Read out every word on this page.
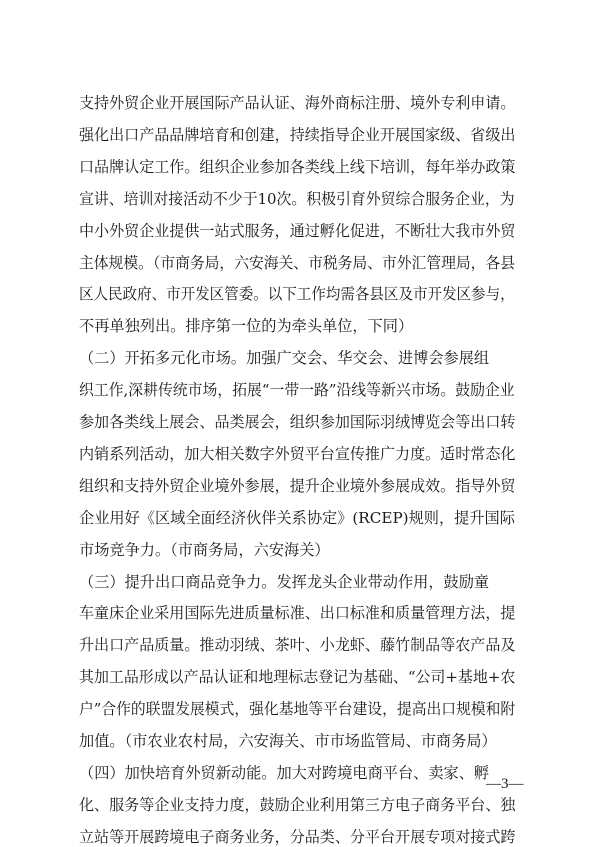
支持外贸企业开展国际产品认证、海外商标注册、境外专利申请。
强化出口产品品牌培育和创建，持续指导企业开展国家级、省级出
口品牌认定工作。组织企业参加各类线上线下培训，每年举办政策
宣讲、培训对接活动不少于10次。积极引育外贸综合服务企业，为
中小外贸企业提供一站式服务，通过孵化促进，不断壮大我市外贸
主体规模。（市商务局，六安海关、市税务局、市外汇管理局，各县
区人民政府、市开发区管委。以下工作均需各县区及市开发区参与，
不再单独列出。排序第一位的为牵头单位，下同）
（二）开拓多元化市场。加强广交会、华交会、进博会参展组
织工作,深耕传统市场，拓展“一带一路”沿线等新兴市场。鼓励企业
参加各类线上展会、品类展会，组织参加国际羽绒博览会等出口转
内销系列活动，加大相关数字外贸平台宣传推广力度。适时常态化
组织和支持外贸企业境外参展，提升企业境外参展成效。指导外贸
企业用好《区域全面经济伙伴关系协定》(RCEP)规则，提升国际
市场竞争力。（市商务局，六安海关）
（三）提升出口商品竞争力。发挥龙头企业带动作用，鼓励童
车童床企业采用国际先进质量标准、出口标准和质量管理方法，提
升出口产品质量。推动羽绒、茶叶、小龙虾、藤竹制品等农产品及
其加工品形成以产品认证和地理标志登记为基础、“公司+基地+农
户”合作的联盟发展模式，强化基地等平台建设，提高出口规模和附
加值。（市农业农村局，六安海关、市市场监管局、市商务局）
（四）加快培育外贸新动能。加大对跨境电商平台、卖家、孵
化、服务等企业支持力度，鼓励企业利用第三方电子商务平台、独
立站等开展跨境电子商务业务，分品类、分平台开展专项对接式跨
—3—
